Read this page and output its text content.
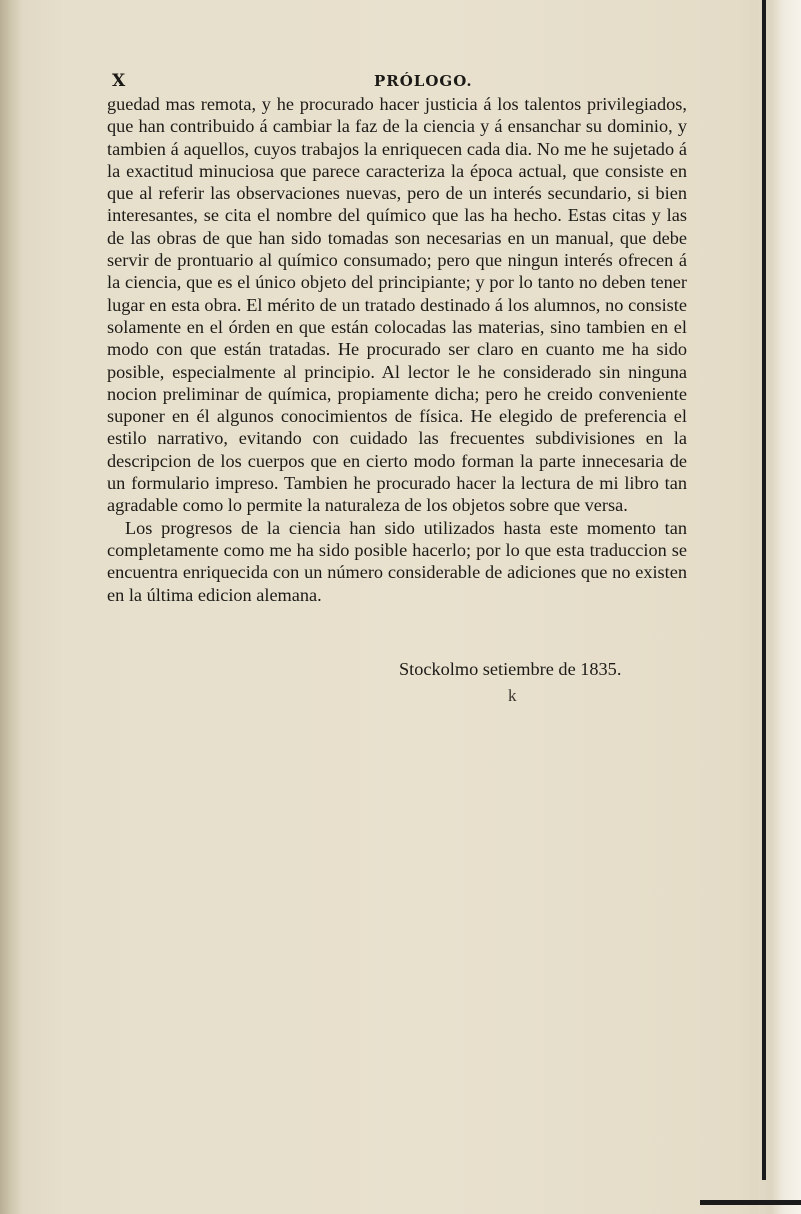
X	PRÓLOGO.

guedad mas remota, y he procurado hacer justicia á los talentos privilegiados, que han contribuido á cambiar la faz de la ciencia y á ensanchar su dominio, y tambien á aquellos, cuyos trabajos la enriquecen cada dia. No me he sujetado á la exactitud minuciosa que parece caracteriza la época actual, que consiste en que al referir las observaciones nuevas, pero de un interés secundario, si bien interesantes, se cita el nombre del químico que las ha hecho. Estas citas y las de las obras de que han sido tomadas son necesarias en un manual, que debe servir de prontuario al químico consumado; pero que ningun interés ofrecen á la ciencia, que es el único objeto del principiante; y por lo tanto no deben tener lugar en esta obra. El mérito de un tratado destinado á los alumnos, no consiste solamente en el órden en que están colocadas las materias, sino tambien en el modo con que están tratadas. He procurado ser claro en cuanto me ha sido posible, especialmente al principio. Al lector le he considerado sin ninguna nocion preliminar de química, propiamente dicha; pero he creido conveniente suponer en él algunos conocimientos de física. He elegido de preferencia el estilo narrativo, evitando con cuidado las frecuentes subdivisiones en la descripcion de los cuerpos que en cierto modo forman la parte innecesaria de un formulario impreso. Tambien he procurado hacer la lectura de mi libro tan agradable como lo permite la naturaleza de los objetos sobre que versa.

Los progresos de la ciencia han sido utilizados hasta este momento tan completamente como me ha sido posible hacerlo; por lo que esta traduccion se encuentra enriquecida con un número considerable de adiciones que no existen en la última edicion alemana.

Stockolmo setiembre de 1835.
k
